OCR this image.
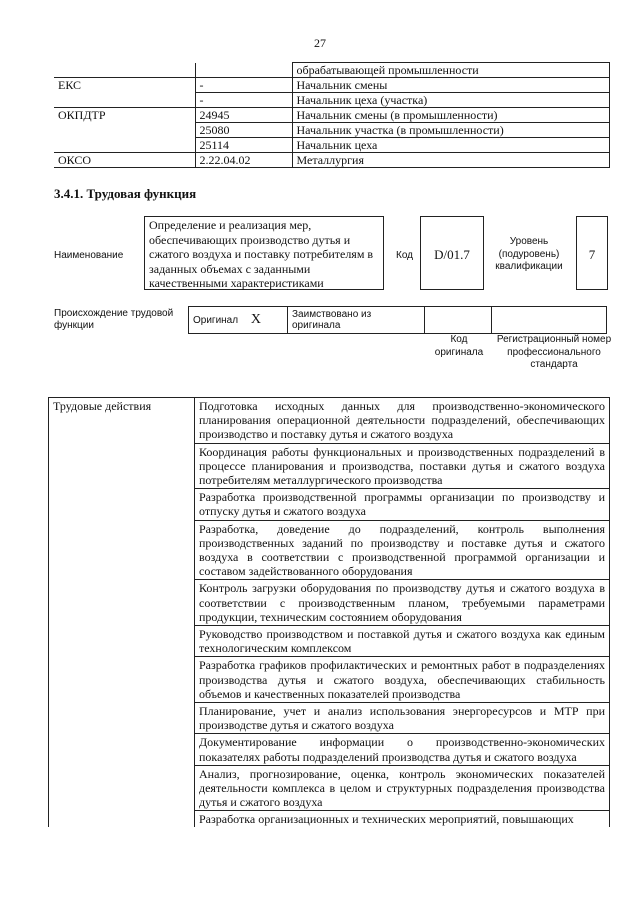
27
		обрабатывающей промышленности
ЕКС	-	Начальник смены
	-	Начальник цеха (участка)
ОКПДТР	24945	Начальник смены (в промышленности)
	25080	Начальник участка (в промышленности)
	25114	Начальник цеха
ОКСО	2.22.04.02	Металлургия
3.4.1. Трудовая функция
Наименование
Определение и реализация мер, обеспечивающих производство дутья и сжатого воздуха и поставку потребителям в заданных объемах с заданными качественными характеристиками
Код	D/01.7
Уровень (подуровень) квалификации
7
Происхождение трудовой функции	Оригинал X	Заимствовано из оригинала		
Код оригинала
Регистрационный номер профессионального стандарта
Трудовые действия	Подготовка исходных данных для производственно-экономического планирования операционной деятельности подразделений, обеспечивающих производство и поставку дутья и сжатого воздуха
Координация работы функциональных и производственных подразделений в процессе планирования и производства, поставки дутья и сжатого воздуха потребителям металлургического производства
Разработка производственной программы организации по производству и отпуску дутья и сжатого воздуха
Разработка, доведение до подразделений, контроль выполнения производственных заданий по производству и поставке дутья и сжатого воздуха в соответствии с производственной программой организации и составом задействованного оборудования
Контроль загрузки оборудования по производству дутья и сжатого воздуха в соответствии с производственным планом, требуемыми параметрами продукции, техническим состоянием оборудования
Руководство производством и поставкой дутья и сжатого воздуха как единым технологическим комплексом
Разработка графиков профилактических и ремонтных работ в подразделениях производства дутья и сжатого воздуха, обеспечивающих стабильность объемов и качественных показателей производства
Планирование, учет и анализ использования энергоресурсов и МТР при производстве дутья и сжатого воздуха
Документирование информации о производственно-экономических показателях работы подразделений производства дутья и сжатого воздуха
Анализ, прогнозирование, оценка, контроль экономических показателей деятельности комплекса в целом и структурных подразделения производства дутья и сжатого воздуха
Разработка организационных и технических мероприятий, повышающих
